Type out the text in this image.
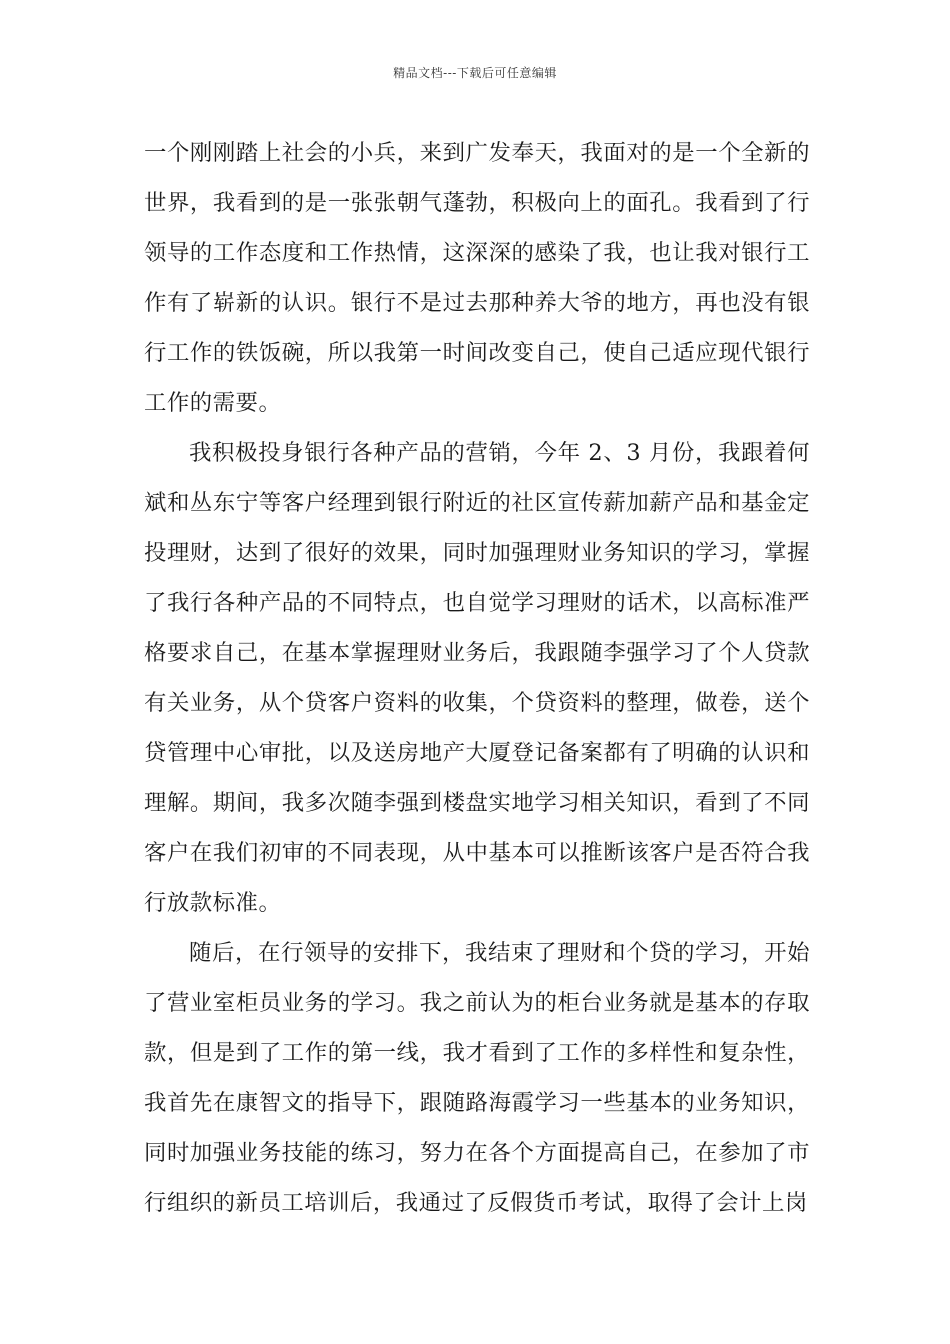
精品文档---下载后可任意编辑

一个刚刚踏上社会的小兵，来到广发奉天，我面对的是一个全新的世界，我看到的是一张张朝气蓬勃，积极向上的面孔。我看到了行领导的工作态度和工作热情，这深深的感染了我，也让我对银行工作有了崭新的认识。银行不是过去那种养大爷的地方，再也没有银行工作的铁饭碗，所以我第一时间改变自己，使自己适应现代银行工作的需要。

我积极投身银行各种产品的营销，今年 2、3 月份，我跟着何斌和丛东宁等客户经理到银行附近的社区宣传薪加薪产品和基金定投理财，达到了很好的效果，同时加强理财业务知识的学习，掌握了我行各种产品的不同特点，也自觉学习理财的话术，以高标准严格要求自己，在基本掌握理财业务后，我跟随李强学习了个人贷款有关业务，从个贷客户资料的收集，个贷资料的整理，做卷，送个贷管理中心审批，以及送房地产大厦登记备案都有了明确的认识和理解。期间，我多次随李强到楼盘实地学习相关知识，看到了不同客户在我们初审的不同表现，从中基本可以推断该客户是否符合我行放款标准。

随后，在行领导的安排下，我结束了理财和个贷的学习，开始了营业室柜员业务的学习。我之前认为的柜台业务就是基本的存取款，但是到了工作的第一线，我才看到了工作的多样性和复杂性，我首先在康智文的指导下，跟随路海霞学习一些基本的业务知识，同时加强业务技能的练习，努力在各个方面提高自己，在参加了市行组织的新员工培训后，我通过了反假货币考试，取得了会计上岗
